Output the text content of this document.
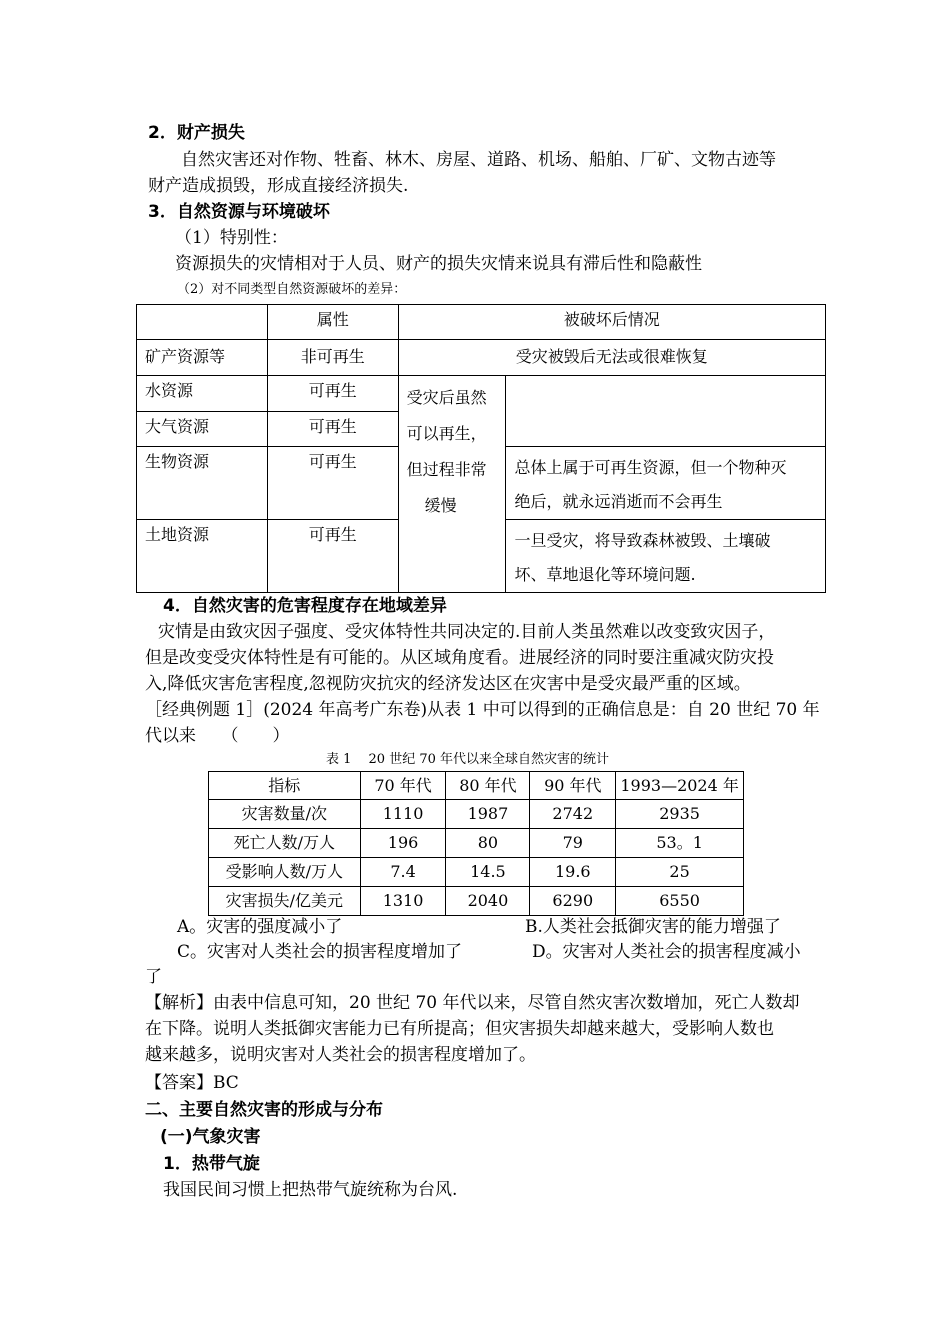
2．财产损失
自然灾害还对作物、牲畜、林木、房屋、道路、机场、船舶、厂矿、文物古迹等
财产造成损毁，形成直接经济损失.
3．自然资源与环境破坏
（1）特别性：
资源损失的灾情相对于人员、财产的损失灾情来说具有滞后性和隐蔽性
（2）对不同类型自然资源破坏的差异：
	属性	被破坏后情况	
矿产资源等	非可再生	受灾被毁后无法或很难恢复	
水资源	可再生	受灾后虽然
可以再生，
但过程非常
缓慢	

大气资源	可再生		
生物资源	可再生		总体上属于可再生资源，但一个物种灭
绝后，就永远消逝而不会再生

土地资源	可再生		一旦受灾，将导致森林被毁、土壤破
坏、草地退化等环境问题.
4．自然灾害的危害程度存在地域差异
灾情是由致灾因子强度、受灾体特性共同决定的.目前人类虽然难以改变致灾因子，
但是改变受灾体特性是有可能的。从区域角度看。进展经济的同时要注重减灾防灾投
入,降低灾害危害程度,忽视防灾抗灾的经济发达区在灾害中是受灾最严重的区域。
［经典例题 1］(2024 年高考广东卷)从表 1 中可以得到的正确信息是：自 20 世纪 70 年
代以来　　（　　）
表 1　 20 世纪 70 年代以来全球自然灾害的统计
指标	70 年代	80 年代	90 年代	1993—2024 年
灾害数量/次	1110	1987	2742	2935
死亡人数/万人	196	80	79	53。1
受影响人数/万人	7.4	14.5	19.6	25
灾害损失/亿美元	1310	2040	6290	6550
A。灾害的强度减小了	B.人类社会抵御灾害的能力增强了
C。灾害对人类社会的损害程度增加了	D。灾害对人类社会的损害程度减小
了
【解析】由表中信息可知，20 世纪 70 年代以来，尽管自然灾害次数增加，死亡人数却
在下降。说明人类抵御灾害能力已有所提高；但灾害损失却越来越大，受影响人数也
越来越多，说明灾害对人类社会的损害程度增加了。
【答案】BC
二、主要自然灾害的形成与分布
(一)气象灾害
1．热带气旋
我国民间习惯上把热带气旋统称为台风.
